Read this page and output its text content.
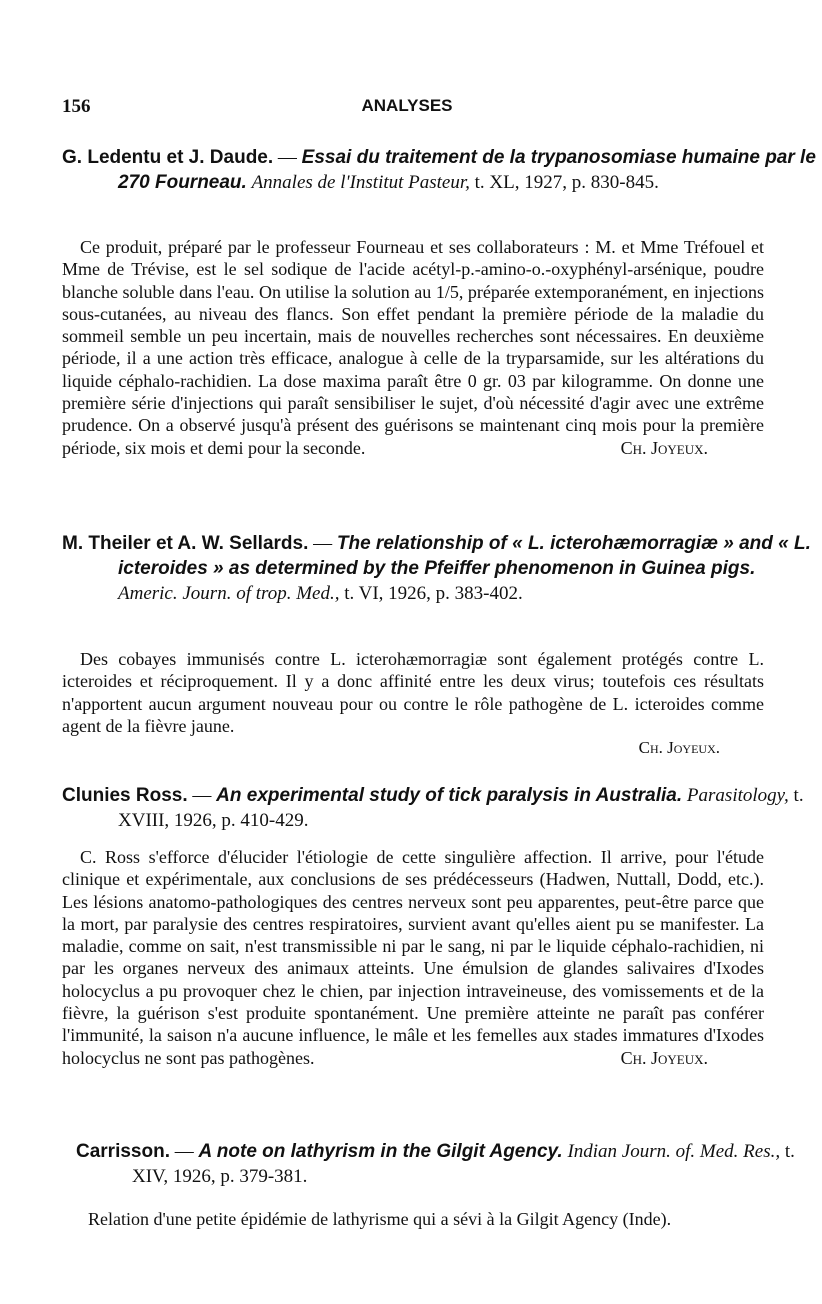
156	ANALYSES
G. Ledentu et J. Daude. — Essai du traitement de la trypanosomiase humaine par le 270 Fourneau. Annales de l'Institut Pasteur, t. XL, 1927, p. 830-845.
Ce produit, préparé par le professeur Fourneau et ses collaborateurs : M. et Mme Tréfouel et Mme de Trévise, est le sel sodique de l'acide acétyl-p.-amino-o.-oxyphényl-arsénique, poudre blanche soluble dans l'eau. On utilise la solution au 1/5, préparée extemporanément, en injections sous-cutanées, au niveau des flancs. Son effet pendant la première période de la maladie du sommeil semble un peu incertain, mais de nouvelles recherches sont nécessaires. En deuxième période, il a une action très efficace, analogue à celle de la tryparsamide, sur les altérations du liquide céphalo-rachidien. La dose maxima paraît être 0 gr. 03 par kilogramme. On donne une première série d'injections qui paraît sensibiliser le sujet, d'où nécessité d'agir avec une extrême prudence. On a observé jusqu'à présent des guérisons se maintenant cinq mois pour la première période, six mois et demi pour la seconde.	Ch. Joyeux.
M. Theiler et A. W. Sellards. — The relationship of « L. icterohæmorragiæ » and « L. icteroides » as determined by the Pfeiffer phenomenon in Guinea pigs. Americ. Journ. of trop. Med., t. VI, 1926, p. 383-402.
Des cobayes immunisés contre L. icterohæmorragiæ sont également protégés contre L. icteroides et réciproquement. Il y a donc affinité entre les deux virus; toutefois ces résultats n'apportent aucun argument nouveau pour ou contre le rôle pathogène de L. icteroides comme agent de la fièvre jaune.
Ch. Joyeux.
Clunies Ross. — An experimental study of tick paralysis in Australia. Parasitology, t. XVIII, 1926, p. 410-429.
C. Ross s'efforce d'élucider l'étiologie de cette singulière affection. Il arrive, pour l'étude clinique et expérimentale, aux conclusions de ses prédécesseurs (Hadwen, Nuttall, Dodd, etc.). Les lésions anatomo-pathologiques des centres nerveux sont peu apparentes, peut-être parce que la mort, par paralysie des centres respiratoires, survient avant qu'elles aient pu se manifester. La maladie, comme on sait, n'est transmissible ni par le sang, ni par le liquide céphalo-rachidien, ni par les organes nerveux des animaux atteints. Une émulsion de glandes salivaires d'Ixodes holocyclus a pu provoquer chez le chien, par injection intraveineuse, des vomissements et de la fièvre, la guérison s'est produite spontanément. Une première atteinte ne paraît pas conférer l'immunité, la saison n'a aucune influence, le mâle et les femelles aux stades immatures d'Ixodes holocyclus ne sont pas pathogènes.	Ch. Joyeux.
Carrisson. — A note on lathyrism in the Gilgit Agency. Indian Journ. of. Med. Res., t. XIV, 1926, p. 379-381.
Relation d'une petite épidémie de lathyrisme qui a sévi à la Gilgit Agency (Inde).
